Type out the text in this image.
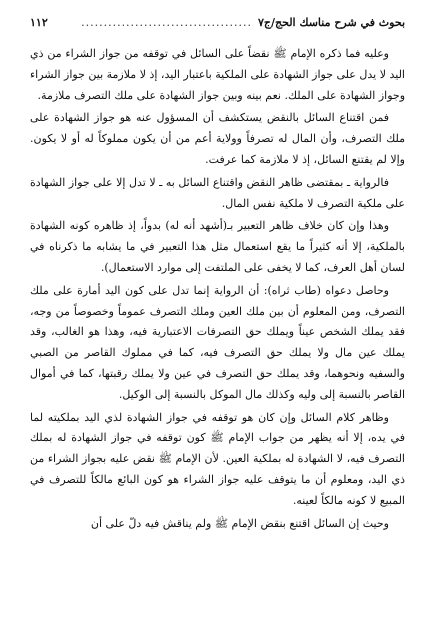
بحوث في شرح مناسك الحج/ج٧
......................................
١١٢

وعليه فما ذكره الإمام ﷺ نقضاً على السائل في توقفه من جواز الشراء من ذي اليد لا يدل على جواز الشهادة على الملكية باعتبار اليد، إذ لا ملازمة بين جواز الشراء وجواز الشهادة على الملك. نعم بينه وبين جواز الشهادة على ملك التصرف ملازمة.

فمن اقتناع السائل بالنقض يستكشف أن المسؤول عنه هو جواز الشهادة على ملك التصرف، وأن المال له تصرفاً وولاية أعم من أن يكون مملوكاً له أو لا يكون. وإلا لم يقتنع السائل، إذ لا ملازمة كما عرفت.

فالرواية ـ بمقتضى ظاهر النقض واقتناع السائل به ـ لا تدل إلا على جواز الشهادة على ملكية التصرف لا ملكية نفس المال.

وهذا وإن كان خلاف ظاهر التعبير بـ(أشهد أنه له) بدواً، إذ ظاهره كونه الشهادة بالملكية، إلا أنه كثيراً ما يقع استعمال مثل هذا التعبير في ما يشابه ما ذكرناه في لسان أهل العرف، كما لا يخفى على الملتفت إلى موارد الاستعمال).

وحاصل دعواه (طاب ثراه): أن الرواية إنما تدل على كون اليد أمارة على ملك التصرف، ومن المعلوم أن بين ملك العين وملك التصرف عموماً وخصوصاً من وجه، فقد يملك الشخص عيناً ويملك حق التصرفات الاعتبارية فيه، وهذا هو الغالب، وقد يملك عين مال ولا يملك حق التصرف فيه، كما في مملوك القاصر من الصبي والسفيه ونحوهما، وقد يملك حق التصرف في عين ولا يملك رقبتها، كما في أموال القاصر بالنسبة إلى وليه وكذلك مال الموكل بالنسبة إلى الوكيل.

وظاهر كلام السائل وإن كان هو توقفه في جواز الشهادة لذي اليد بملكيته لما في يده، إلا أنه يظهر من جواب الإمام ﷺ كون توقفه في جواز الشهادة له بملك التصرف فيه، لا الشهادة له بملكية العين. لأن الإمام ﷺ نقض عليه بجواز الشراء من ذي اليد، ومعلوم أن ما يتوقف عليه جواز الشراء هو كون البائع مالكاً للتصرف في المبيع لا كونه مالكاً لعينه.

وحيث إن السائل اقتنع بنقض الإمام ﷺ ولم يناقش فيه دلّ على أن
